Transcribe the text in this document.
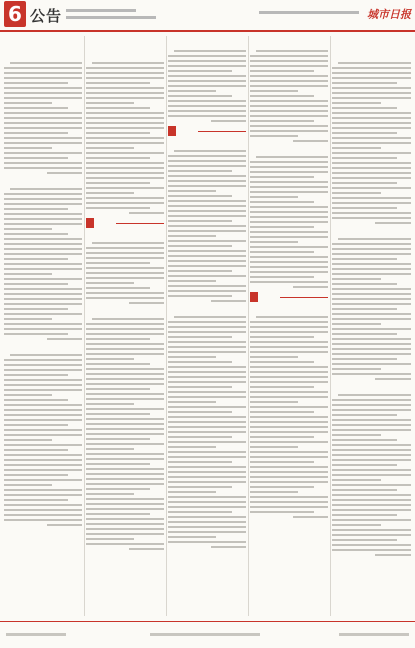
6 公告	城市日报
